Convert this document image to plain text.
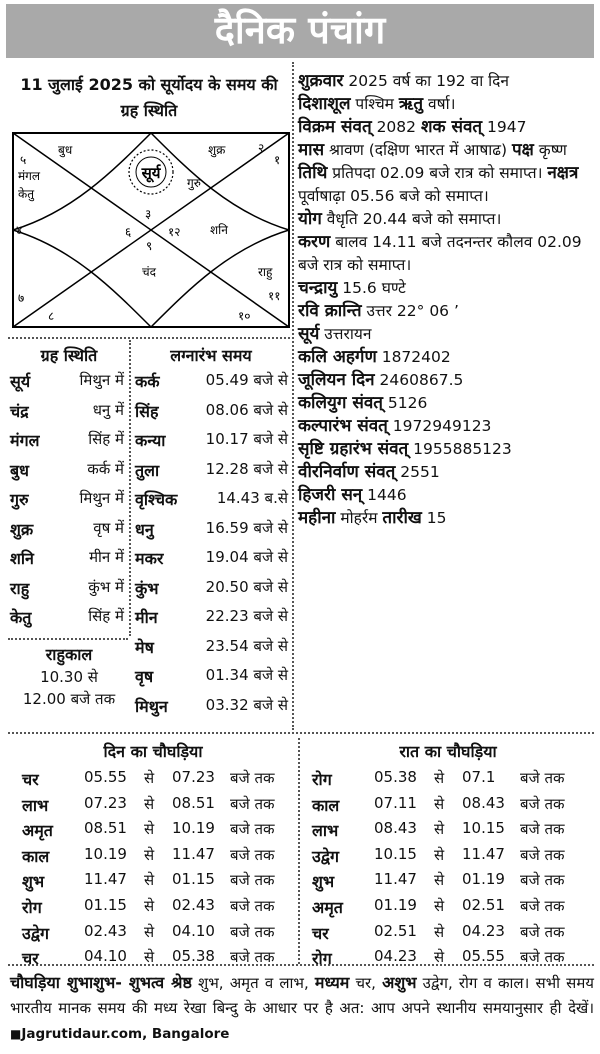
दैनिक पंचांग
11 जुलाई 2025 को सूर्योदय के समय की ग्रह स्थिति
सूर्य
गुरु
शुक्र	२
१
बुध
५
मंगल
केतु
४
३
६	१२ शनि
९
चंद	राहु
११
७
८	१०
ग्रह स्थिति	लग्नारंभ समय
सूर्य	मिथुन में
चंद्र	धनु में
मंगल	सिंह में
बुध	कर्क में
गुरु	मिथुन में
शुक्र	वृष में
शनि	मीन में
राहु	कुंभ में
केतु	सिंह में
कर्क	05.49 बजे से
सिंह	08.06 बजे से
कन्या	10.17 बजे से
तुला	12.28 बजे से
वृश्चिक	14.43 ब.से
धनु	16.59 बजे से
मकर	19.04 बजे से
कुंभ	20.50 बजे से
मीन	22.23 बजे से
मेष	23.54 बजे से
वृष	01.34 बजे से
मिथुन	03.32 बजे से
राहुकाल
10.30 से
12.00 बजे तक
शुक्रवार 2025 वर्ष का 192 वा दिन
दिशाशूल पश्चिम ऋतु वर्षा।
विक्रम संवत् 2082 शक संवत् 1947
मास श्रावण (दक्षिण भारत में आषाढ) पक्ष कृष्ण
तिथि प्रतिपदा 02.09 बजे रात्र को समाप्त। नक्षत्र पूर्वाषाढ़ा 05.56 बजे को समाप्त।
योग वैधृति 20.44 बजे को समाप्त।
करण बालव 14.11 बजे तदनन्तर कौलव 02.09 बजे रात्र को समाप्त।
चन्द्रायु 15.6 घण्टे
रवि क्रान्ति उत्तर 22° 06 ’
सूर्य उत्तरायन
कलि अहर्गण 1872402
जूलियन दिन 2460867.5
कलियुग संवत् 5126
कल्पारंभ संवत् 1972949123
सृष्टि ग्रहारंभ संवत् 1955885123
वीरनिर्वाण संवत् 2551
हिजरी सन् 1446
महीना मोहर्रम तारीख 15
दिन का चौघड़िया	रात का चौघड़िया
चर	05.55 से 07.23 बजे तक
लाभ 07.23 से 08.51 बजे तक
अमृत 08.51 से 10.19 बजे तक
काल 10.19 से 11.47 बजे तक
शुभ	11.47 से 01.15 बजे तक
रोग	01.15 से 02.43 बजे तक
उद्वेग 02.43 से 04.10 बजे तक
चर	04.10 से 05.38 बजे तक
रोग	05.38 से 07.1 बजे तक
काल 07.11 से 08.43 बजे तक
लाभ 08.43 से 10.15 बजे तक
उद्वेग 10.15 से 11.47 बजे तक
शुभ	11.47 से 01.19 बजे तक
अमृत 01.19 से 02.51 बजे तक
चर	02.51 से 04.23 बजे तक
रोग	04.23 से 05.55 बजे तक
चौघड़िया शुभाशुभ- शुभत्व श्रेष्ठ शुभ, अमृत व लाभ, मध्यम चर, अशुभ उद्वेग, रोग व काल। सभी समय भारतीय मानक समय की मध्य रेखा बिन्दु के आधार पर है अत: आप अपने स्थानीय समयानुसार ही देखें। ■Jagrutidaur.com, Bangalore
